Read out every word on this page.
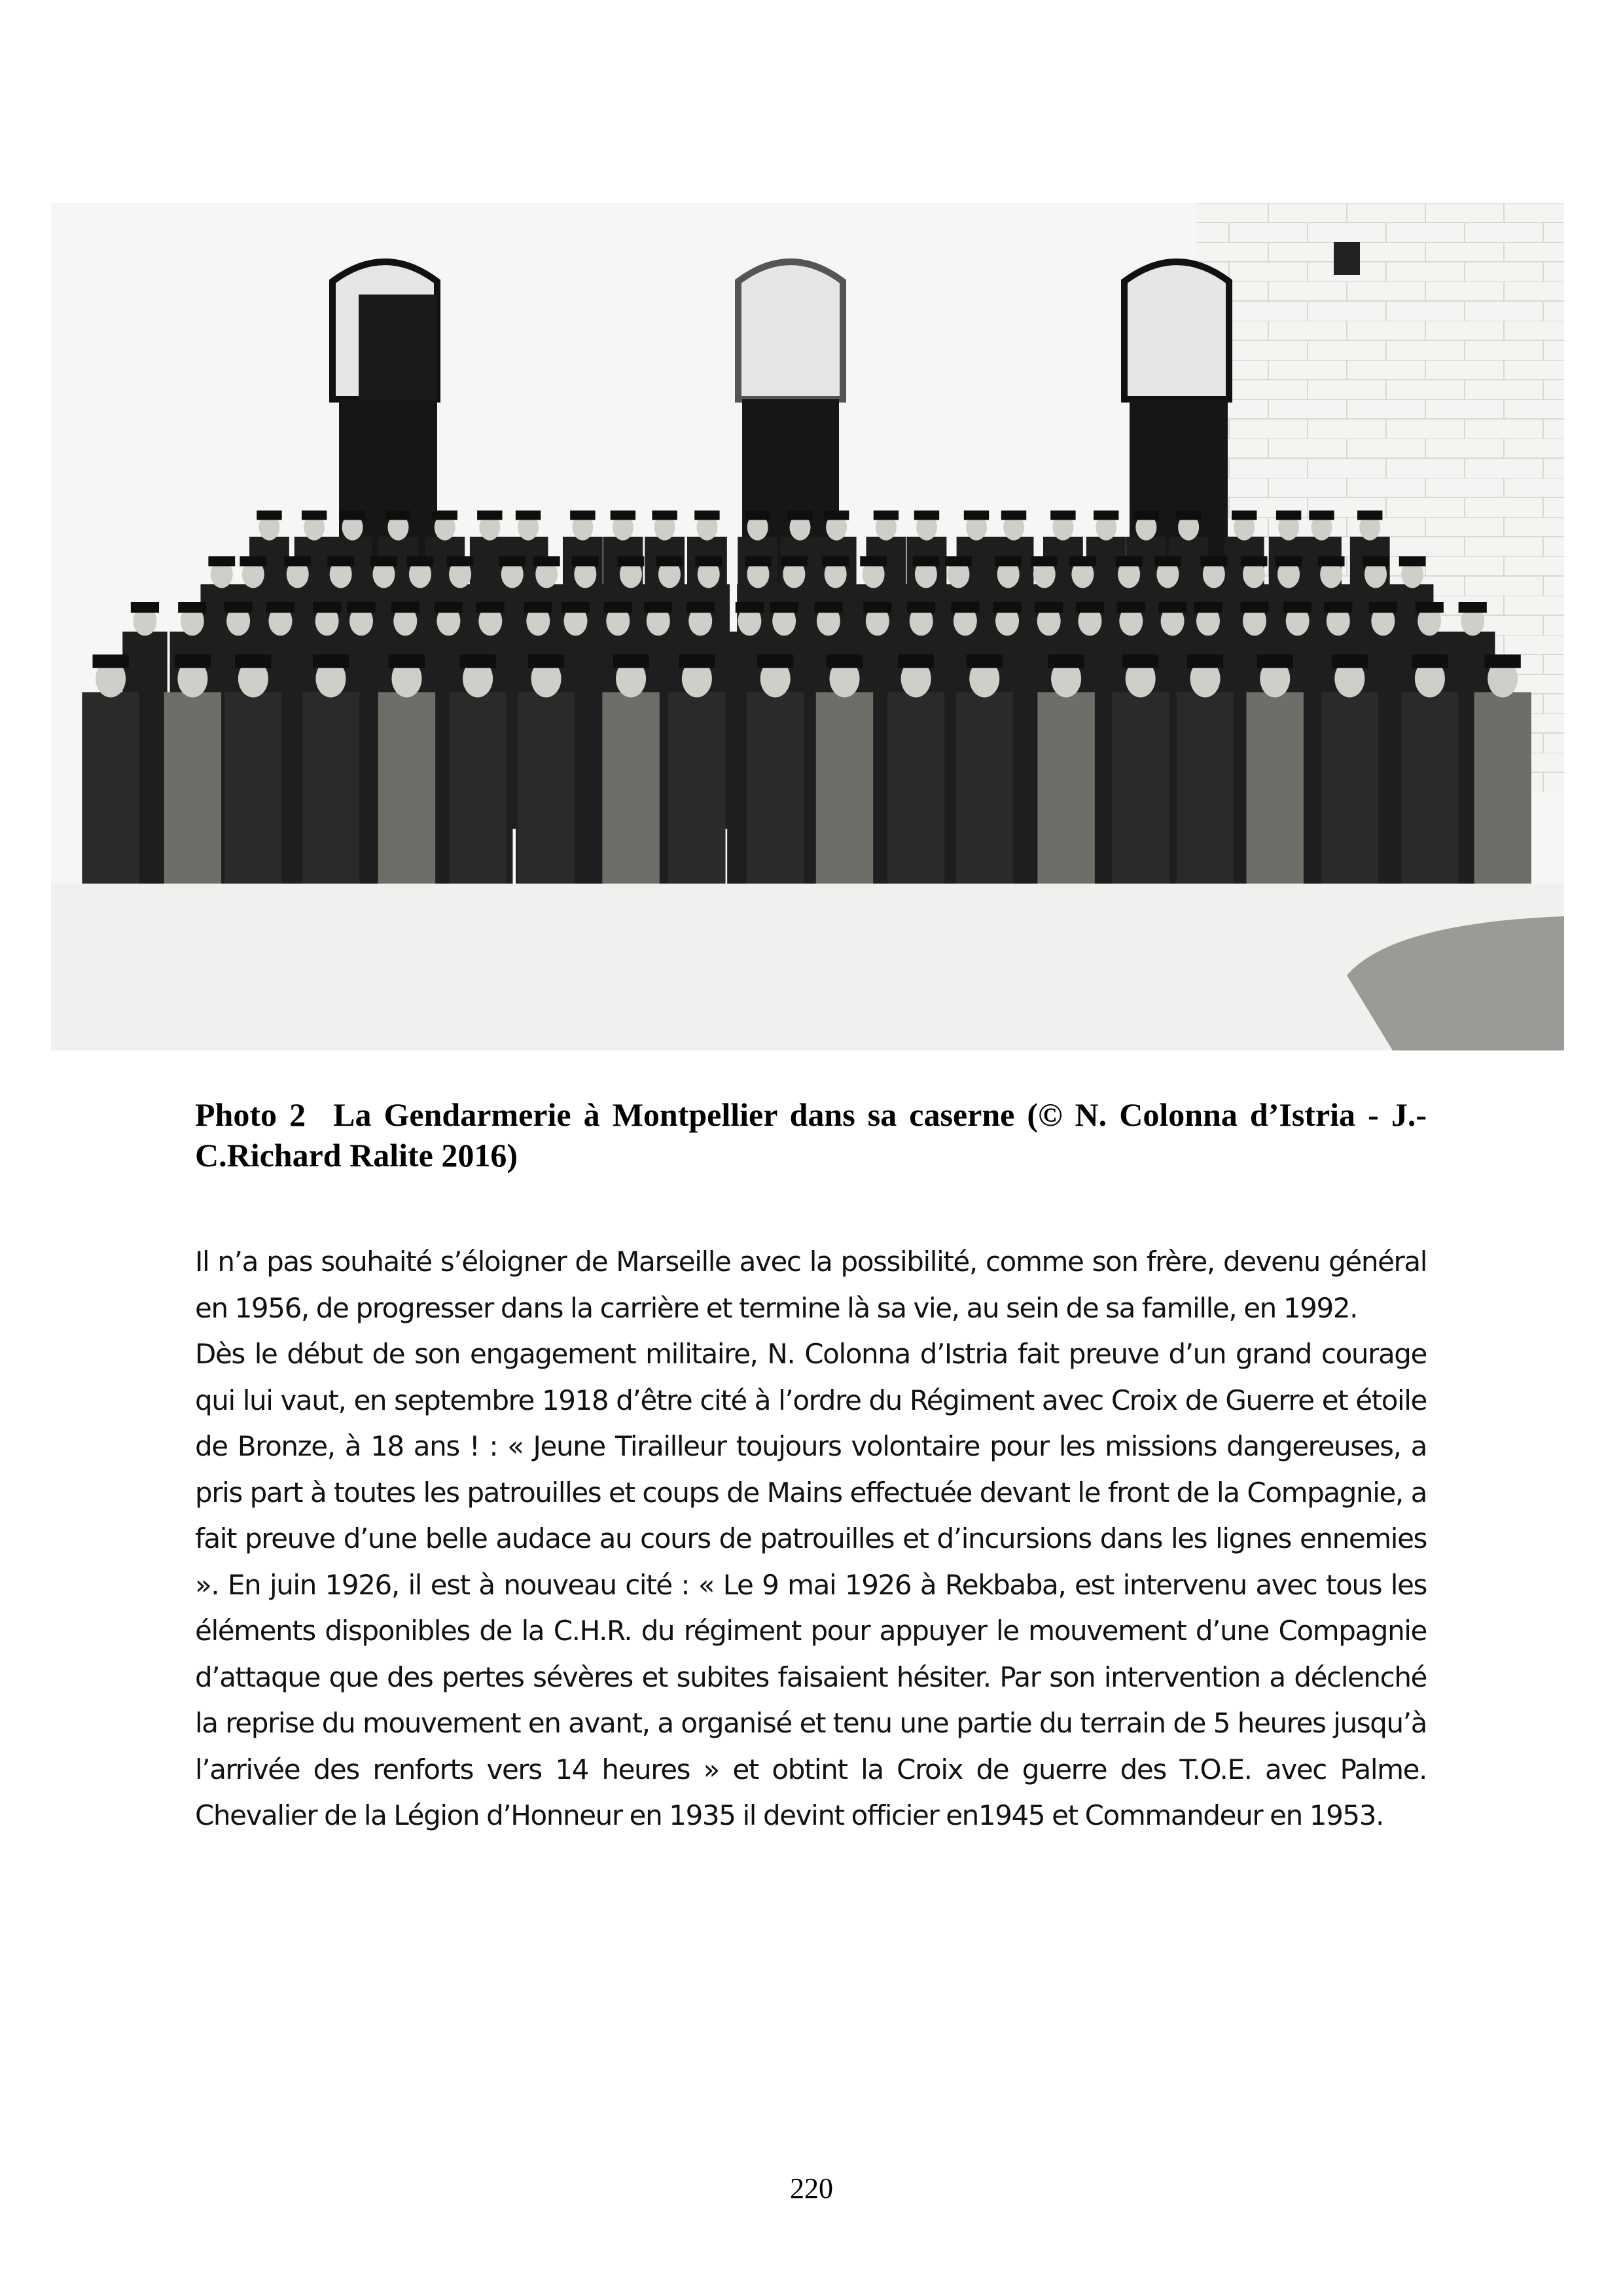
Photo 2 La Gendarmerie à Montpellier dans sa caserne (© N. Colonna d’Istria - J.-C.Richard Ralite 2016)

Il n’a pas souhaité s’éloigner de Marseille avec la possibilité, comme son frère, devenu général en 1956, de progresser dans la carrière et termine là sa vie, au sein de sa famille, en 1992.

Dès le début de son engagement militaire, N. Colonna d’Istria fait preuve d’un grand courage qui lui vaut, en septembre 1918 d’être cité à l’ordre du Régiment avec Croix de Guerre et étoile de Bronze, à 18 ans ! : « Jeune Tirailleur toujours volontaire pour les missions dangereuses, a pris part à toutes les patrouilles et coups de Mains effectuée devant le front de la Compagnie, a fait preuve d’une belle audace au cours de patrouilles et d’incursions dans les lignes ennemies ». En juin 1926, il est à nouveau cité : « Le 9 mai 1926 à Rekbaba, est intervenu avec tous les éléments disponibles de la C.H.R. du régiment pour appuyer le mouvement d’une Compagnie d’attaque que des pertes sévères et subites faisaient hésiter. Par son intervention a déclenché la reprise du mouvement en avant, a organisé et tenu une partie du terrain de 5 heures jusqu’à l’arrivée des renforts vers 14 heures » et obtint la Croix de guerre des T.O.E. avec Palme. Chevalier de la Légion d’Honneur en 1935 il devint officier en1945 et Commandeur en 1953.

220
